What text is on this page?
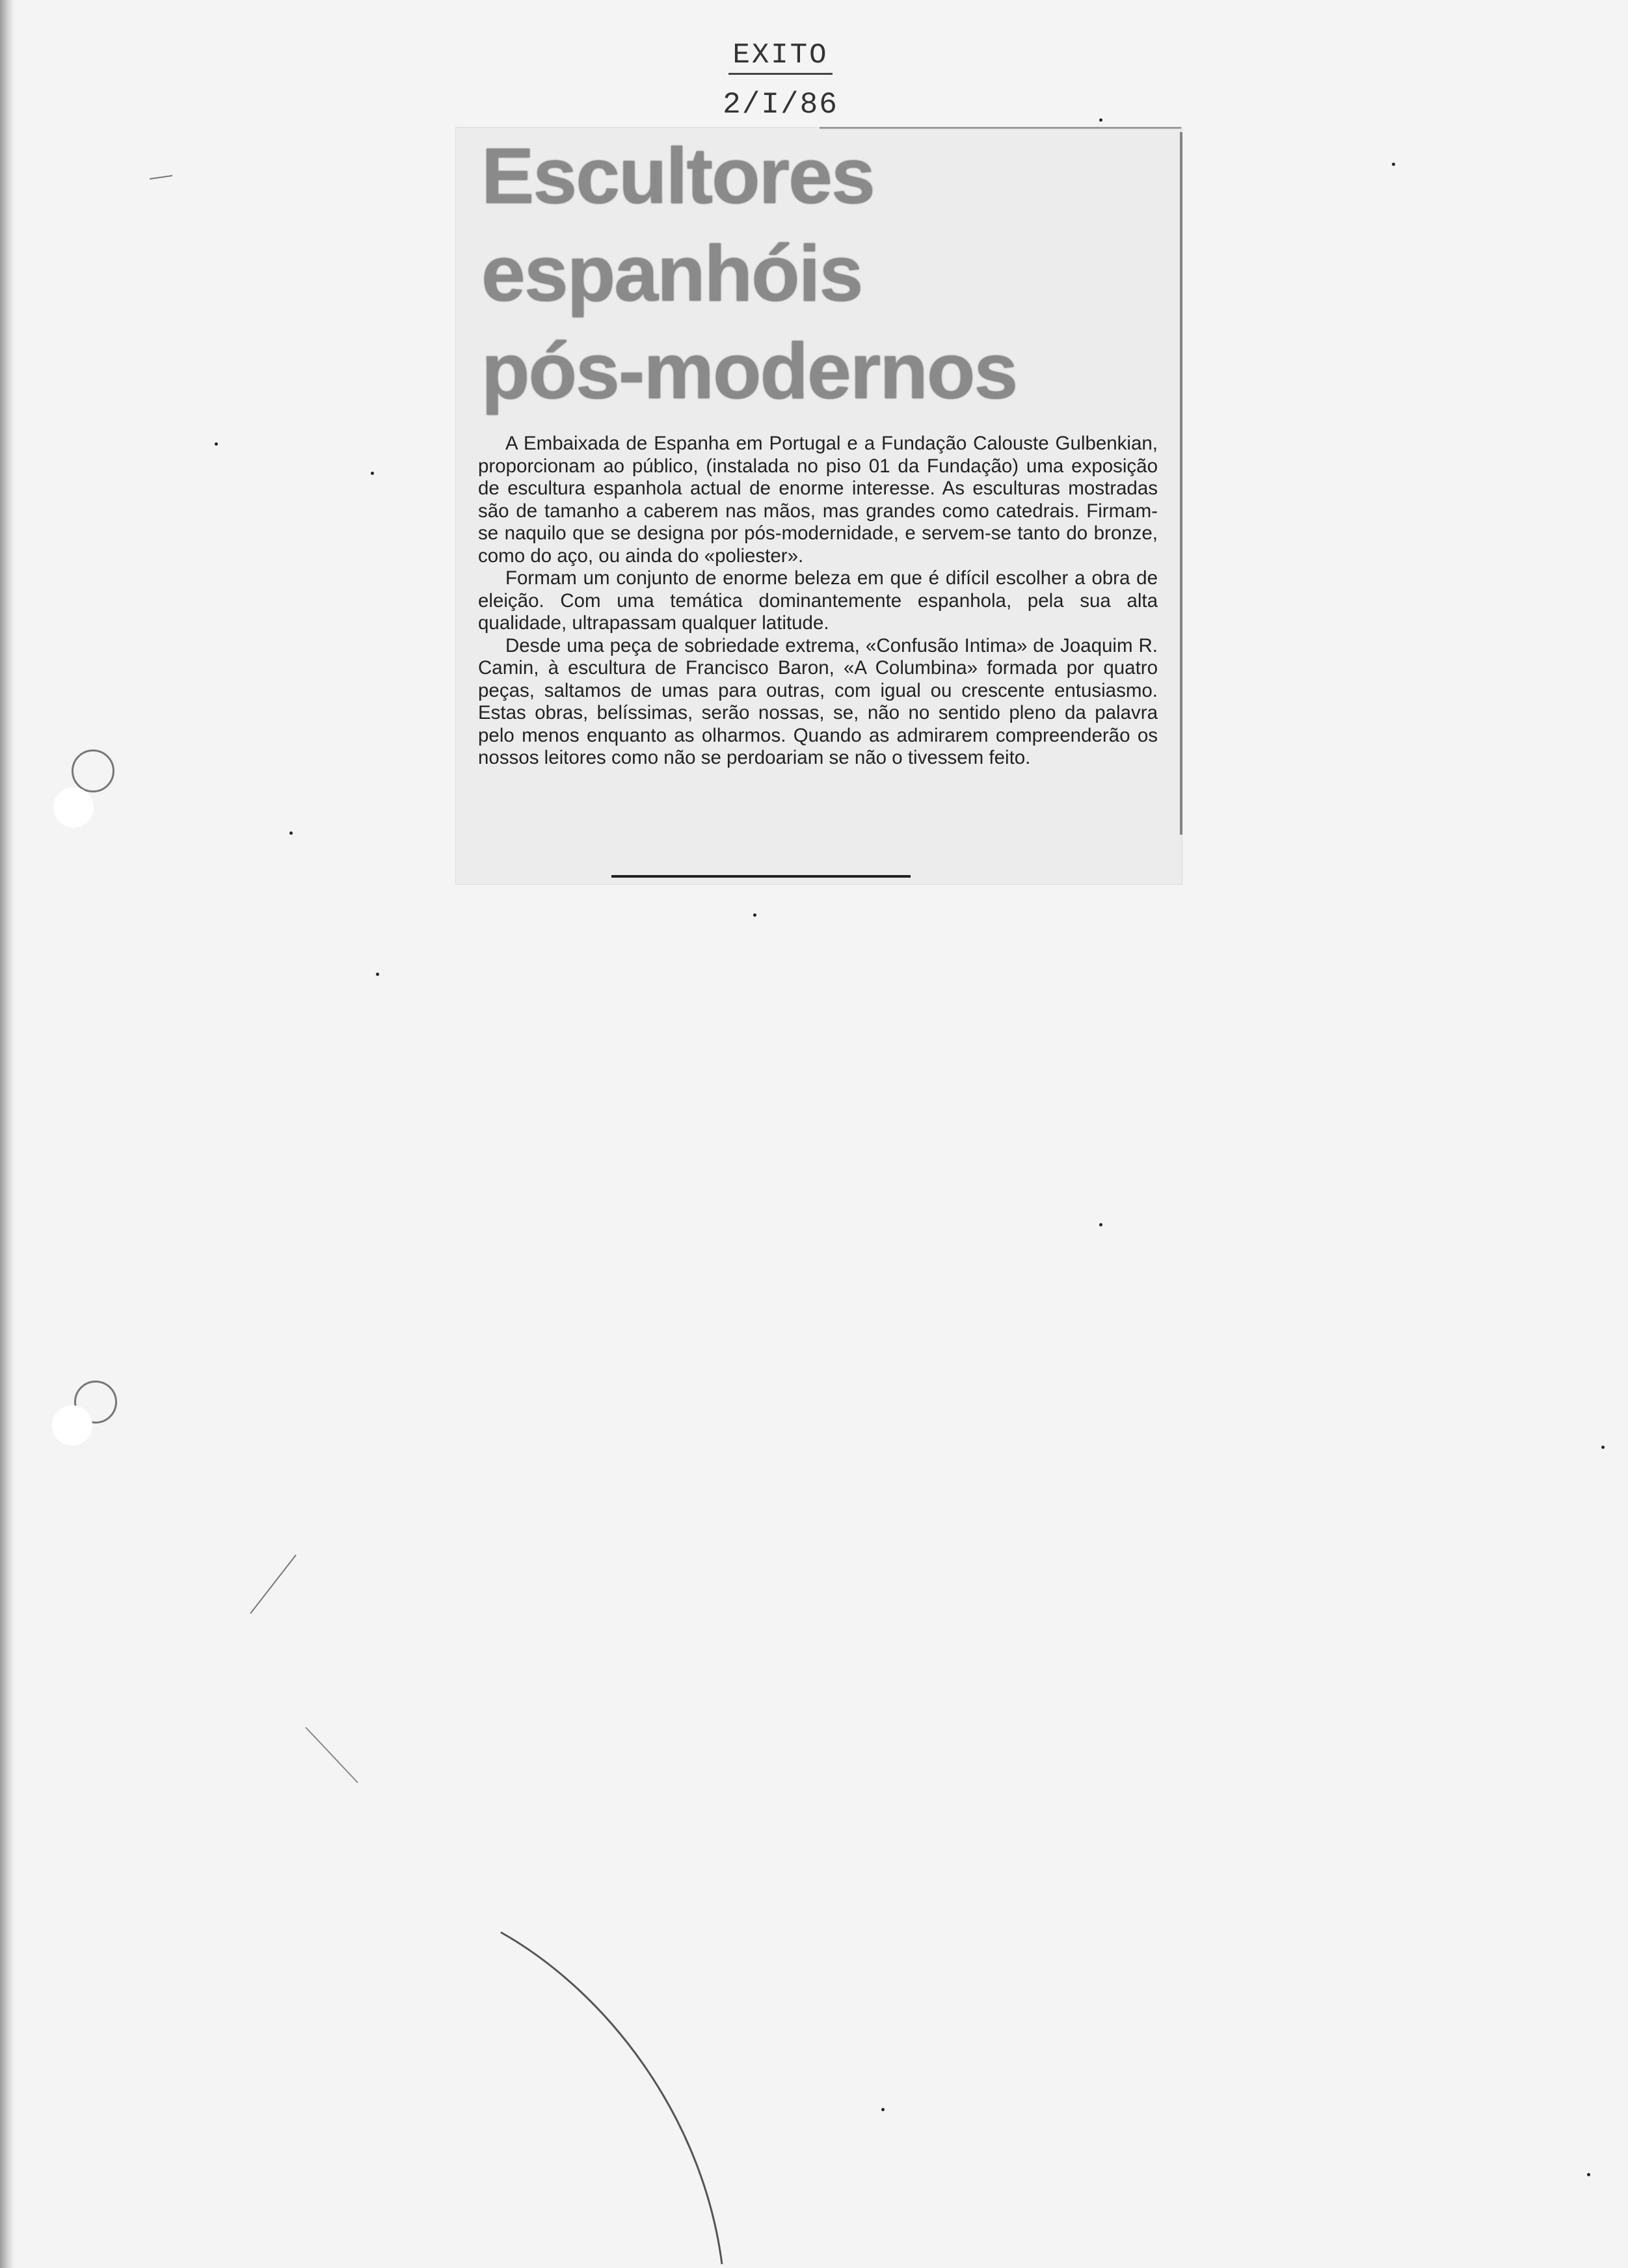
EXITO
2/I/86
Escultores
espanhóis
pós-modernos

A Embaixada de Espanha em Portugal e a Fundação Calouste Gulbenkian, proporcionam ao público, (instalada no piso 01 da Fundação) uma exposição de escultura espanhola actual de enorme interesse. As esculturas mostradas são de tamanho a caberem nas mãos, mas grandes como catedrais. Firmam-se naquilo que se designa por pós-modernidade, e servem-se tanto do bronze, como do aço, ou ainda do «poliester».

Formam um conjunto de enorme beleza em que é difícil escolher a obra de eleição. Com uma temática dominantemente espanhola, pela sua alta qualidade, ultrapassam qualquer latitude.

Desde uma peça de sobriedade extrema, «Confusão Intima» de Joaquim R. Camin, à escultura de Francisco Baron, «A Columbina» formada por quatro peças, saltamos de umas para outras, com igual ou crescente entusiasmo. Estas obras, belíssimas, serão nossas, se, não no sentido pleno da palavra pelo menos enquanto as olharmos. Quando as admirarem compreenderão os nossos leitores como não se perdoariam se não o tivessem feito.
